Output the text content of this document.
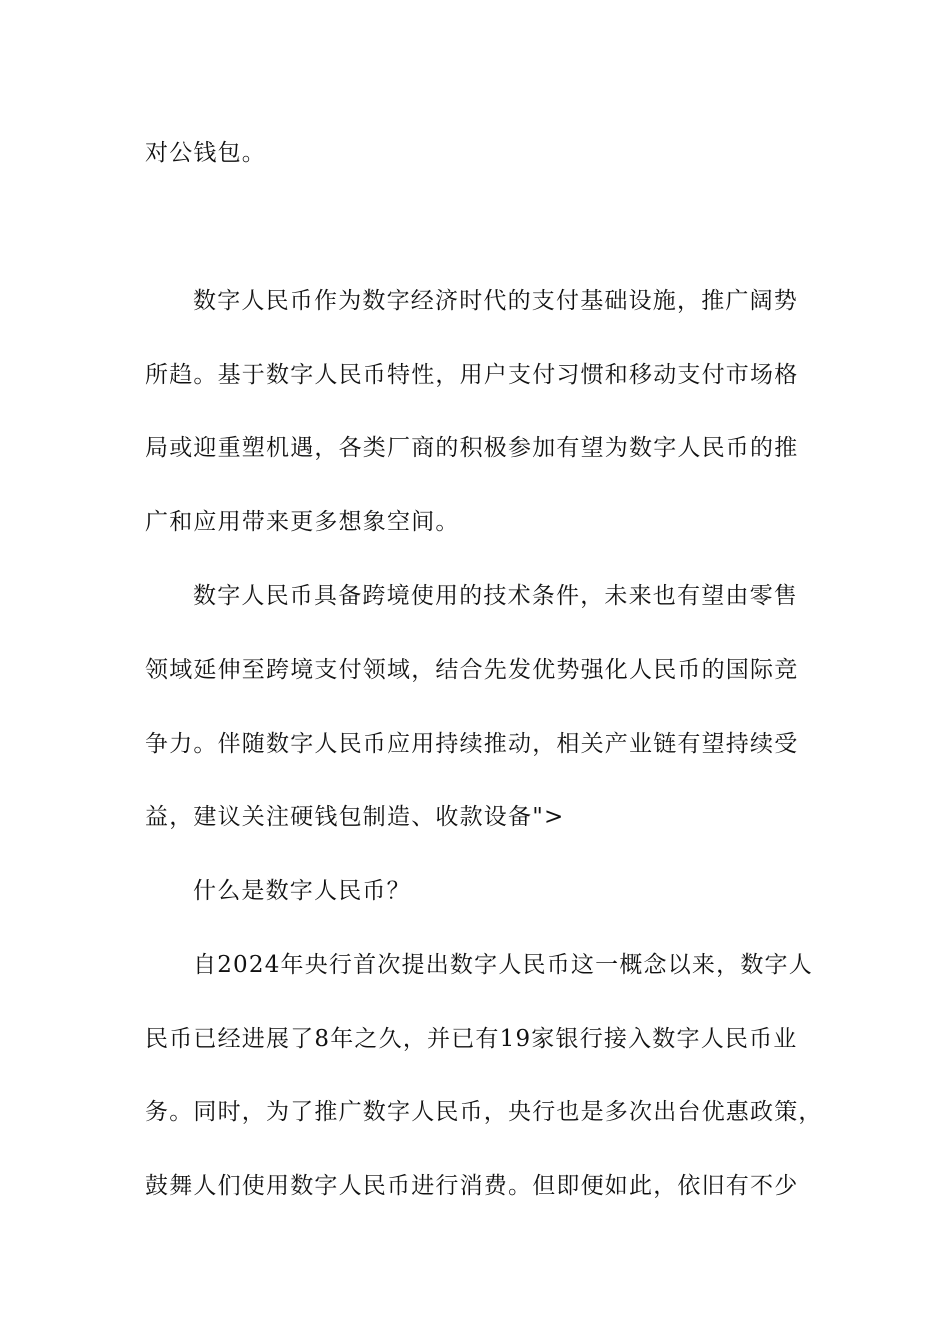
对公钱包。
数字人民币作为数字经济时代的支付基础设施，推广阔势
所趋。基于数字人民币特性，用户支付习惯和移动支付市场格
局或迎重塑机遇，各类厂商的积极参加有望为数字人民币的推
广和应用带来更多想象空间。
数字人民币具备跨境使用的技术条件，未来也有望由零售
领域延伸至跨境支付领域，结合先发优势强化人民币的国际竞
争力。伴随数字人民币应用持续推动，相关产业链有望持续受
益，建议关注硬钱包制造、收款设备">
什么是数字人民币？
自2024年央行首次提出数字人民币这一概念以来，数字人
民币已经进展了8年之久，并已有19家银行接入数字人民币业
务。同时，为了推广数字人民币，央行也是多次出台优惠政策，
鼓舞人们使用数字人民币进行消费。但即便如此，依旧有不少
